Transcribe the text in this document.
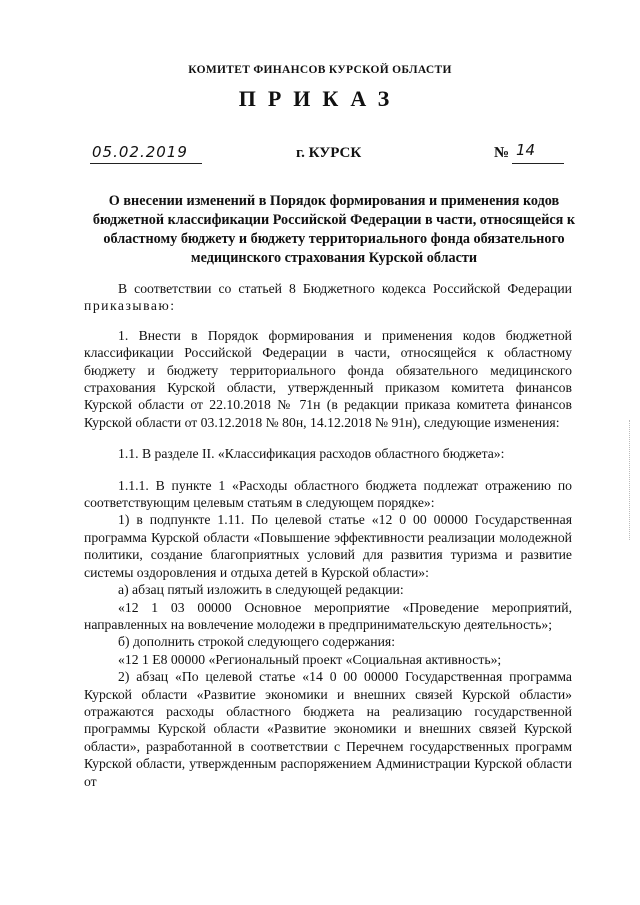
КОМИТЕТ ФИНАНСОВ КУРСКОЙ ОБЛАСТИ
ПРИКАЗ
05.02.2019	г. КУРСК	№ 14
О внесении изменений в Порядок формирования и применения кодов бюджетной классификации Российской Федерации в части, относящейся к областному бюджету и бюджету территориального фонда обязательного медицинского страхования Курской области

В соответствии со статьей 8 Бюджетного кодекса Российской Федерации приказываю:

1. Внести в Порядок формирования и применения кодов бюджетной классификации Российской Федерации в части, относящейся к областному бюджету и бюджету территориального фонда обязательного медицинского страхования Курской области, утвержденный приказом комитета финансов Курской области от 22.10.2018 № 71н (в редакции приказа комитета финансов Курской области от 03.12.2018 № 80н, 14.12.2018 № 91н), следующие изменения:

1.1. В разделе II. «Классификация расходов областного бюджета»:

1.1.1. В пункте 1 «Расходы областного бюджета подлежат отражению по соответствующим целевым статьям в следующем порядке»:

1) в подпункте 1.11. По целевой статье «12 0 00 00000 Государственная программа Курской области «Повышение эффективности реализации молодежной политики, создание благоприятных условий для развития туризма и развитие системы оздоровления и отдыха детей в Курской области»:

а) абзац пятый изложить в следующей редакции:

«12 1 03 00000 Основное мероприятие «Проведение мероприятий, направленных на вовлечение молодежи в предпринимательскую деятельность»;

б) дополнить строкой следующего содержания:

«12 1 E8 00000 «Региональный проект «Социальная активность»;

2) абзац «По целевой статье «14 0 00 00000 Государственная программа Курской области «Развитие экономики и внешних связей Курской области» отражаются расходы областного бюджета на реализацию государственной программы Курской области «Развитие экономики и внешних связей Курской области», разработанной в соответствии с Перечнем государственных программ Курской области, утвержденным распоряжением Администрации Курской области от
